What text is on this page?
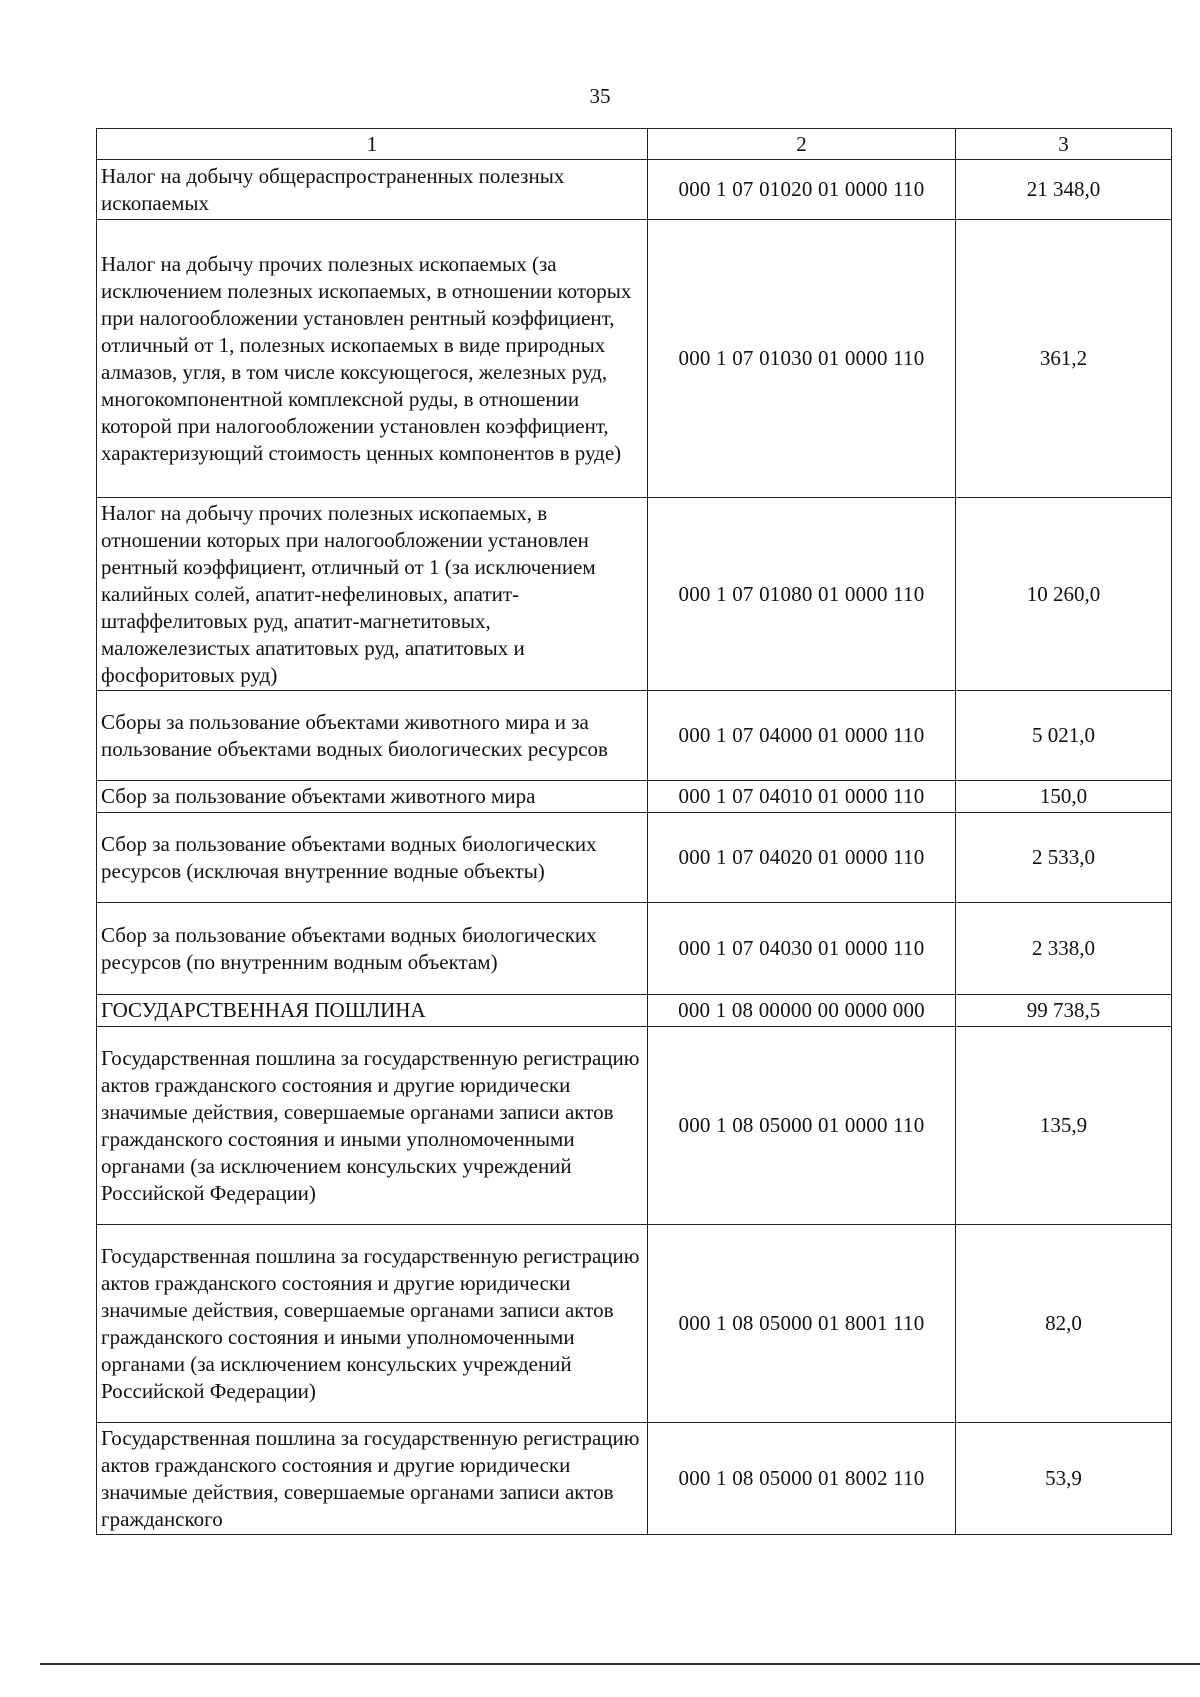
35
1	2	3
Налог на добычу общераспространенных полезных ископаемых	000 1 07 01020 01 0000 110	21 348,0
Налог на добычу прочих полезных ископаемых (за исключением полезных ископаемых, в отношении которых при налогообложении установлен рентный коэффициент, отличный от 1, полезных ископаемых в виде природных алмазов, угля, в том числе коксующегося, железных руд, многокомпонентной комплексной руды, в отношении которой при налогообложении установлен коэффициент, характеризующий стоимость ценных компонентов в руде)	000 1 07 01030 01 0000 110	361,2
Налог на добычу прочих полезных ископаемых, в отношении которых при налогообложении установлен рентный коэффициент, отличный от 1 (за исключением калийных солей, апатит-нефелиновых, апатит-штаффелитовых руд, апатит-магнетитовых, маложелезистых апатитовых руд, апатитовых и фосфоритовых руд)	000 1 07 01080 01 0000 110	10 260,0
Сборы за пользование объектами животного мира и за пользование объектами водных биологических ресурсов	000 1 07 04000 01 0000 110	5 021,0
Сбор за пользование объектами животного мира	000 1 07 04010 01 0000 110	150,0
Сбор за пользование объектами водных биологических ресурсов (исключая внутренние водные объекты)	000 1 07 04020 01 0000 110	2 533,0
Сбор за пользование объектами водных биологических ресурсов (по внутренним водным объектам)	000 1 07 04030 01 0000 110	2 338,0
ГОСУДАРСТВЕННАЯ ПОШЛИНА	000 1 08 00000 00 0000 000	99 738,5
Государственная пошлина за государственную регистрацию актов гражданского состояния и другие юридически значимые действия, совершаемые органами записи актов гражданского состояния и иными уполномоченными органами (за исключением консульских учреждений Российской Федерации)	000 1 08 05000 01 0000 110	135,9
Государственная пошлина за государственную регистрацию актов гражданского состояния и другие юридически значимые действия, совершаемые органами записи актов гражданского состояния и иными уполномоченными органами (за исключением консульских учреждений Российской Федерации)	000 1 08 05000 01 8001 110	82,0
Государственная пошлина за государственную регистрацию актов гражданского состояния и другие юридически значимые действия, совершаемые органами записи актов гражданского	000 1 08 05000 01 8002 110	53,9
